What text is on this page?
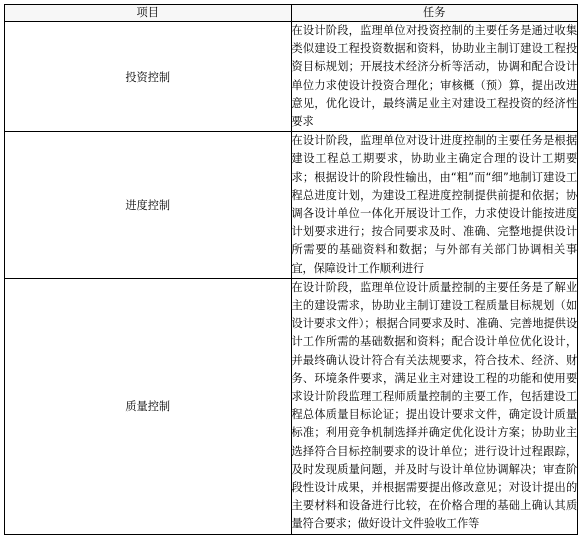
项目	任务
投资控制	在设计阶段，监理单位对投资控制的主要任务是通过收集类似建设工程投资数据和资料，协助业主制订建设工程投资目标规划；开展技术经济分析等活动，协调和配合设计单位力求使设计投资合理化；审核概（预）算，提出改进意见，优化设计，最终满足业主对建设工程投资的经济性要求
进度控制	在设计阶段，监理单位对设计进度控制的主要任务是根据建设工程总工期要求，协助业主确定合理的设计工期要求；根据设计的阶段性输出，由“粗”而“细”地制订建设工程总进度计划，为建设工程进度控制提供前提和依据；协调各设计单位一体化开展设计工作，力求使设计能按进度计划要求进行；按合同要求及时、准确、完整地提供设计所需要的基础资料和数据；与外部有关部门协调相关事宜，保障设计工作顺利进行
质量控制	在设计阶段，监理单位设计质量控制的主要任务是了解业主的建设需求，协助业主制订建设工程质量目标规划（如设计要求文件）；根据合同要求及时、准确、完善地提供设计工作所需的基础数据和资料；配合设计单位优化设计，并最终确认设计符合有关法规要求，符合技术、经济、财务、环境条件要求，满足业主对建设工程的功能和使用要求设计阶段监理工程师质量控制的主要工作，包括建设工程总体质量目标论证；提出设计要求文件，确定设计质量标准；利用竞争机制选择并确定优化设计方案；协助业主选择符合目标控制要求的设计单位；进行设计过程跟踪，及时发现质量问题，并及时与设计单位协调解决；审查阶段性设计成果，并根据需要提出修改意见；对设计提出的主要材料和设备进行比较，在价格合理的基础上确认其质量符合要求；做好设计文件验收工作等
